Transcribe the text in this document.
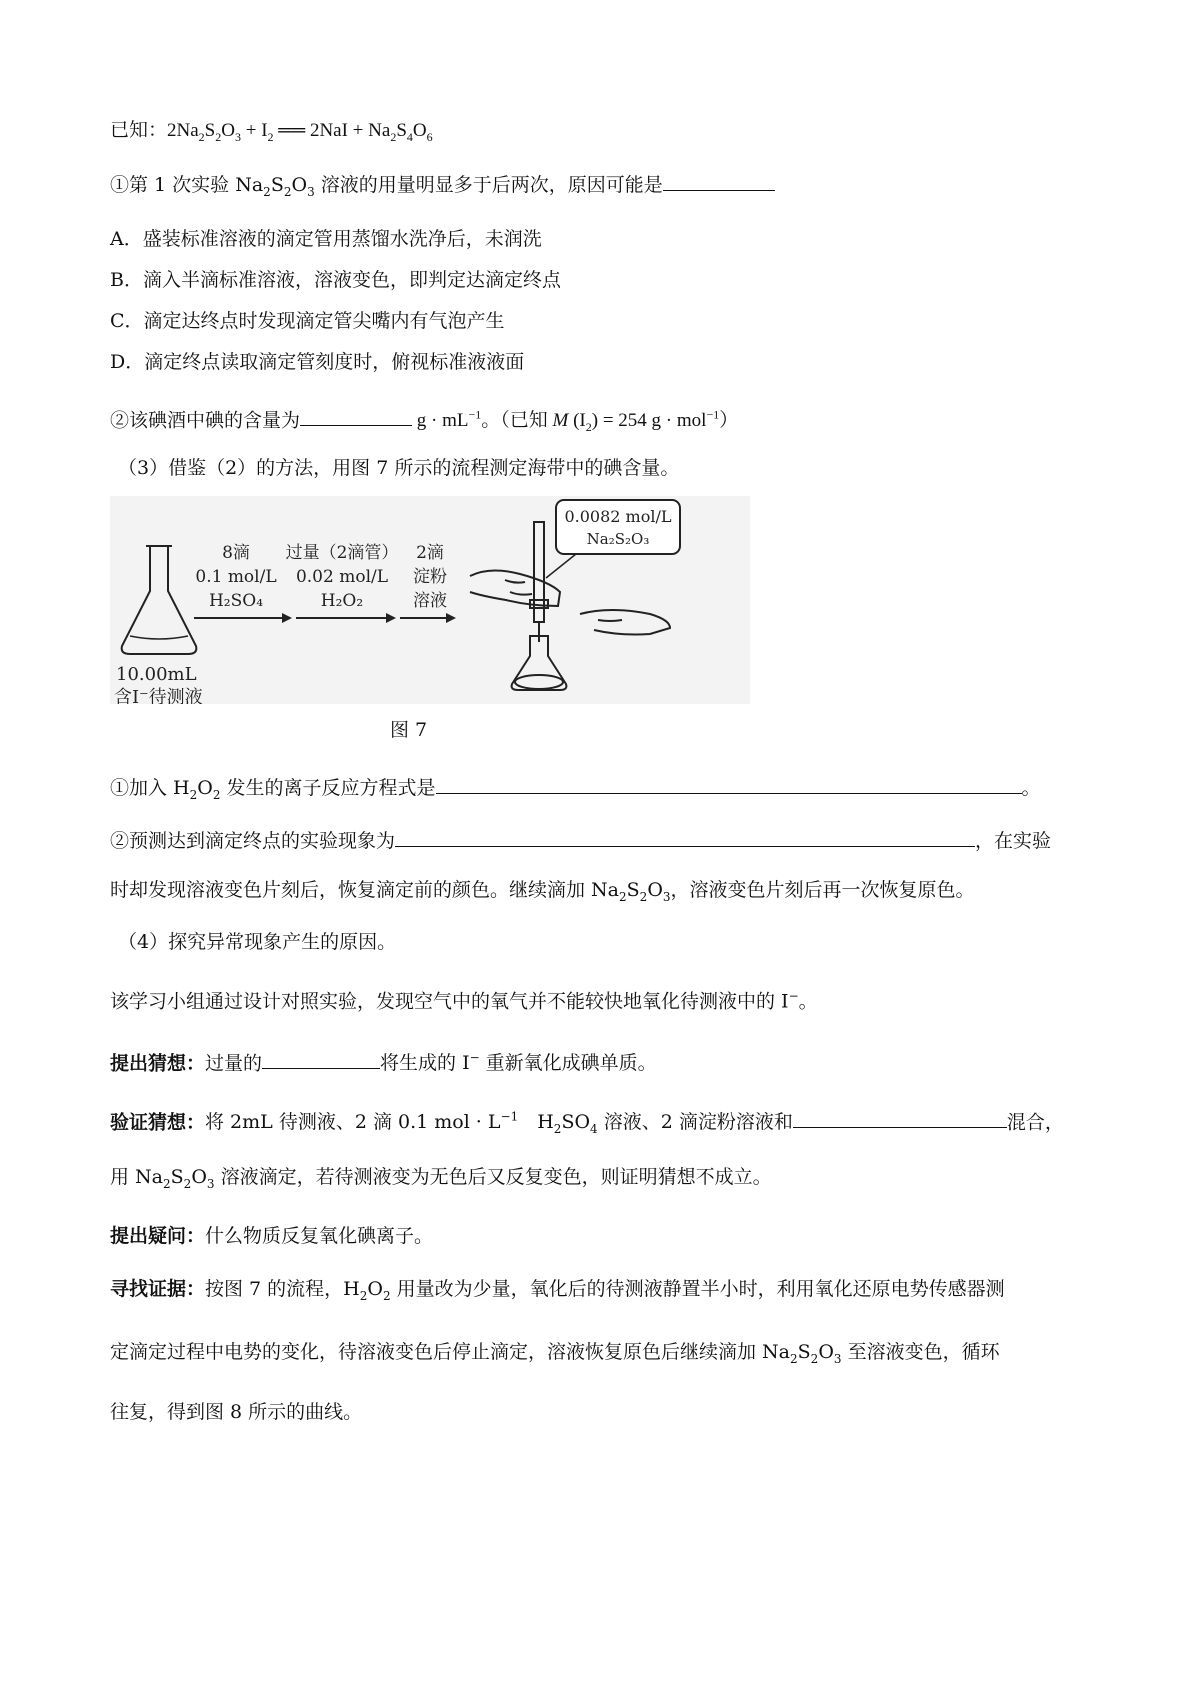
已知：$2Na_2S_2O_3 + I_2$ ══ $2NaI + Na_2S_4O_6$
①第 1 次实验 $Na_2S_2O_3$ 溶液的用量明显多于后两次，原因可能是
A．盛装标准溶液的滴定管用蒸馏水洗净后，未润洗
B．滴入半滴标准溶液，溶液变色，即判定达滴定终点
C．滴定达终点时发现滴定管尖嘴内有气泡产生
D．滴定终点读取滴定管刻度时，俯视标准液液面
②该碘酒中碘的含量为	$g \cdot mL^{-1}$。（已知 M $(I_2) = 254$ g · mol$^{-1}$）
（3）借鉴（2）的方法，用图 7 所示的流程测定海带中的碘含量。
10.00mL
含I⁻待测液
8滴
0.1 mol/L
H₂SO₄
过量（2滴管）
0.02 mol/L
H₂O₂
2滴
淀粉
溶液
0.0082 mol/L
Na₂S₂O₃
图 7
①加入 $H_2O_2$ 发生的离子反应方程式是	。
②预测达到滴定终点的实验现象为	，在实验
时却发现溶液变色片刻后，恢复滴定前的颜色。继续滴加 $Na_2S_2O_3$，溶液变色片刻后再一次恢复原色。
（4）探究异常现象产生的原因。
该学习小组通过设计对照实验，发现空气中的氧气并不能较快地氧化待测液中的 I−。
提出猜想：过量的	将生成的 I− 重新氧化成碘单质。
验证猜想：将 2mL 待测液、2 滴 0.1 mol · $L^{-1}$　$H_2SO_4$ 溶液、2 滴淀粉溶液和	混合，
用 $Na_2S_2O_3$ 溶液滴定，若待测液变为无色后又反复变色，则证明猜想不成立。
提出疑问：什么物质反复氧化碘离子。
寻找证据：按图 7 的流程，$H_2O_2$ 用量改为少量，氧化后的待测液静置半小时，利用氧化还原电势传感器测
定滴定过程中电势的变化，待溶液变色后停止滴定，溶液恢复原色后继续滴加 $Na_2S_2O_3$ 至溶液变色，循环
往复，得到图 8 所示的曲线。
